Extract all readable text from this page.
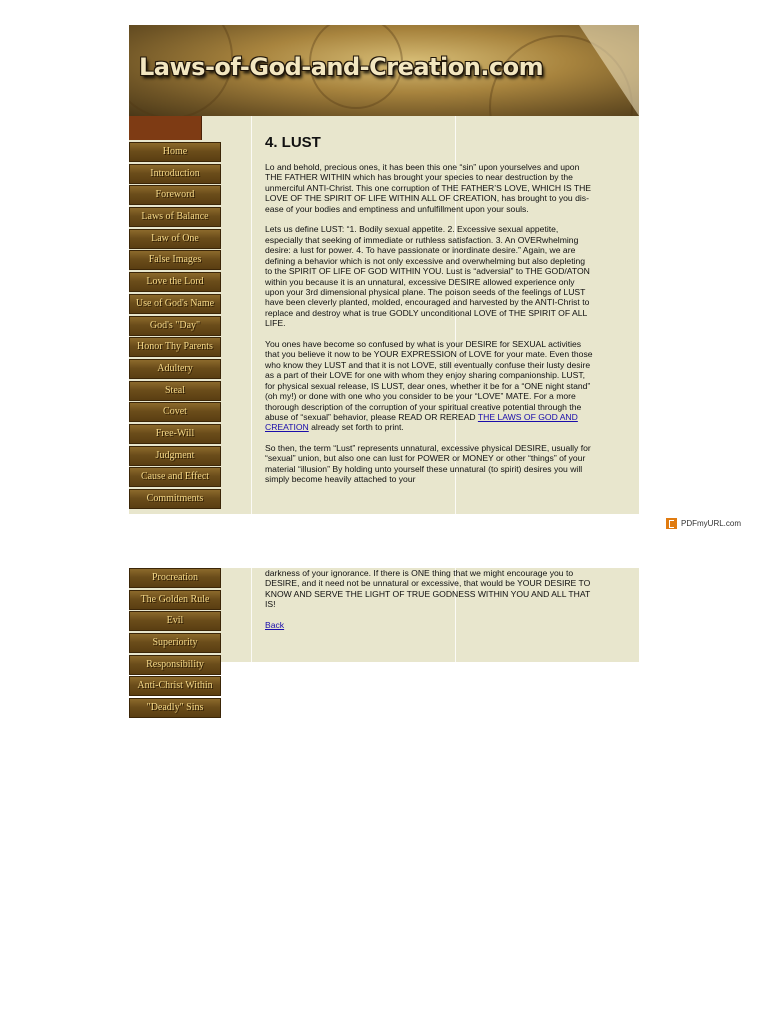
Laws-of-God-and-Creation.com
Home
Introduction
Foreword
Laws of Balance
Law of One
False Images
Love the Lord
Use of God's Name
God's "Day"
Honor Thy Parents
Adultery
Steal
Covet
Free-Will
Judgment
Cause and Effect
Commitments
4. LUST

Lo and behold, precious ones, it has been this one “sin” upon yourselves and upon THE FATHER WITHIN which has brought your species to near destruction by the unmerciful ANTI-Christ. This one corruption of THE FATHER’S LOVE, WHICH IS THE LOVE OF THE SPIRIT OF LIFE WITHIN ALL OF CREATION, has brought to you dis-ease of your bodies and emptiness and unfulfillment upon your souls.

Lets us define LUST: “1. Bodily sexual appetite. 2. Excessive sexual appetite, especially that seeking of immediate or ruthless satisfaction. 3. An OVERwhelming desire: a lust for power. 4. To have passionate or inordinate desire.” Again, we are defining a behavior which is not only excessive and overwhelming but also depleting to the SPIRIT OF LIFE OF GOD WITHIN YOU. Lust is “adversial” to THE GOD/ATON within you because it is an unnatural, excessive DESIRE allowed experience only upon your 3rd dimensional physical plane. The poison seeds of the feelings of LUST have been cleverly planted, molded, encouraged and harvested by the ANTI-Christ to replace and destroy what is true GODLY unconditional LOVE of THE SPIRIT OF ALL LIFE.

You ones have become so confused by what is your DESIRE for SEXUAL activities that you believe it now to be YOUR EXPRESSION of LOVE for your mate. Even those who know they LUST and that it is not LOVE, still eventually confuse their lusty desire as a part of their LOVE for one with whom they enjoy sharing companionship. LUST, for physical sexual release, IS LUST, dear ones, whether it be for a “ONE night stand” (oh my!) or done with one who you consider to be your “LOVE” MATE. For a more thorough description of the corruption of your spiritual creative potential through the abuse of “sexual” behavior, please READ OR REREAD THE LAWS OF GOD AND CREATION already set forth to print.

So then, the term “Lust” represents unnatural, excessive physical DESIRE, usually for “sexual” union, but also one can lust for POWER or MONEY or other “things” of your material “illusion” By holding unto yourself these unnatural (to spirit) desires you will simply become heavily attached to your

PDFmyURL.com
Procreation
The Golden Rule
Evil
Superiority
Responsibility
Anti-Christ Within
"Deadly" Sins

darkness of your ignorance. If there is ONE thing that we might encourage you to DESIRE, and it need not be unnatural or excessive, that would be YOUR DESIRE TO KNOW AND SERVE THE LIGHT OF TRUE GODNESS WITHIN YOU AND ALL THAT IS!

Back
